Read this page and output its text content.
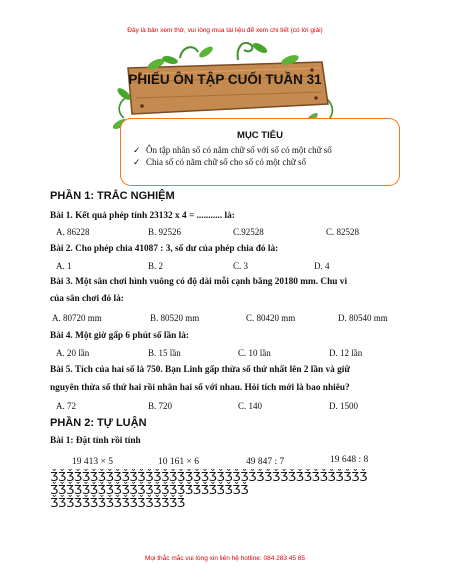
Đây là bản xem thử, vui lòng mua tài liệu để xem chi tiết (có lời giải)
PHIẾU ÔN TẬP CUỐI TUẦN 31
MỤC TIÊU
✓ Ôn tập nhân số có năm chữ số với số có một chữ số
✓ Chia số có năm chữ số cho số có một chữ số
PHẦN 1: TRẮC NGHIỆM
Bài 1. Kết quả phép tính 23132 x 4 = ........... là:
A. 86228	B. 92526	C.92528	C. 82528
Bài 2. Cho phép chia 41087 : 3, số dư của phép chia đó là:
A. 1	B. 2	C. 3	D. 4
Bài 3. Một sân chơi hình vuông có độ dài mỗi cạnh bằng 20180 mm. Chu vi
của sân chơi đó là:
A. 80720 mm	B. 80520 mm	C. 80420 mm	D. 80540 mm
Bài 4. Một giờ gấp 6 phút số lần là:
A. 20 lần	B. 15 lần	C. 10 lần	D. 12 lần
Bài 5. Tích của hai số là 750. Bạn Linh gấp thừa số thứ nhất lên 2 lần và giữ
nguyên thừa số thứ hai rồi nhân hai số với nhau. Hỏi tích mới là bao nhiêu?
A. 72	B. 720	C. 140	D. 1500
PHẦN 2: TỰ LUẬN
Bài 1: Đặt tính rồi tính
19 413 × 5	10 161 × 6	49 847 : 7	19 648 : 8
ǮǮǮǮǮǮǮǮǮǮǮǮǮǮǮǮǮǮǮǮǮǮǮǮǮǮǮǮǮǮǮǮǮǮǮǮǮǮǮǮ
ǮǮǮǮǮǮǮǮǮǮǮǮǮǮǮǮǮǮǮǮǮǮǮǮǮ
ǮǮǮǮǮǮǮǮǮǮǮǮǮǮǮǮǮ
Mọi thắc mắc vui lòng xin liên hệ hotline: 084 283 45 85
